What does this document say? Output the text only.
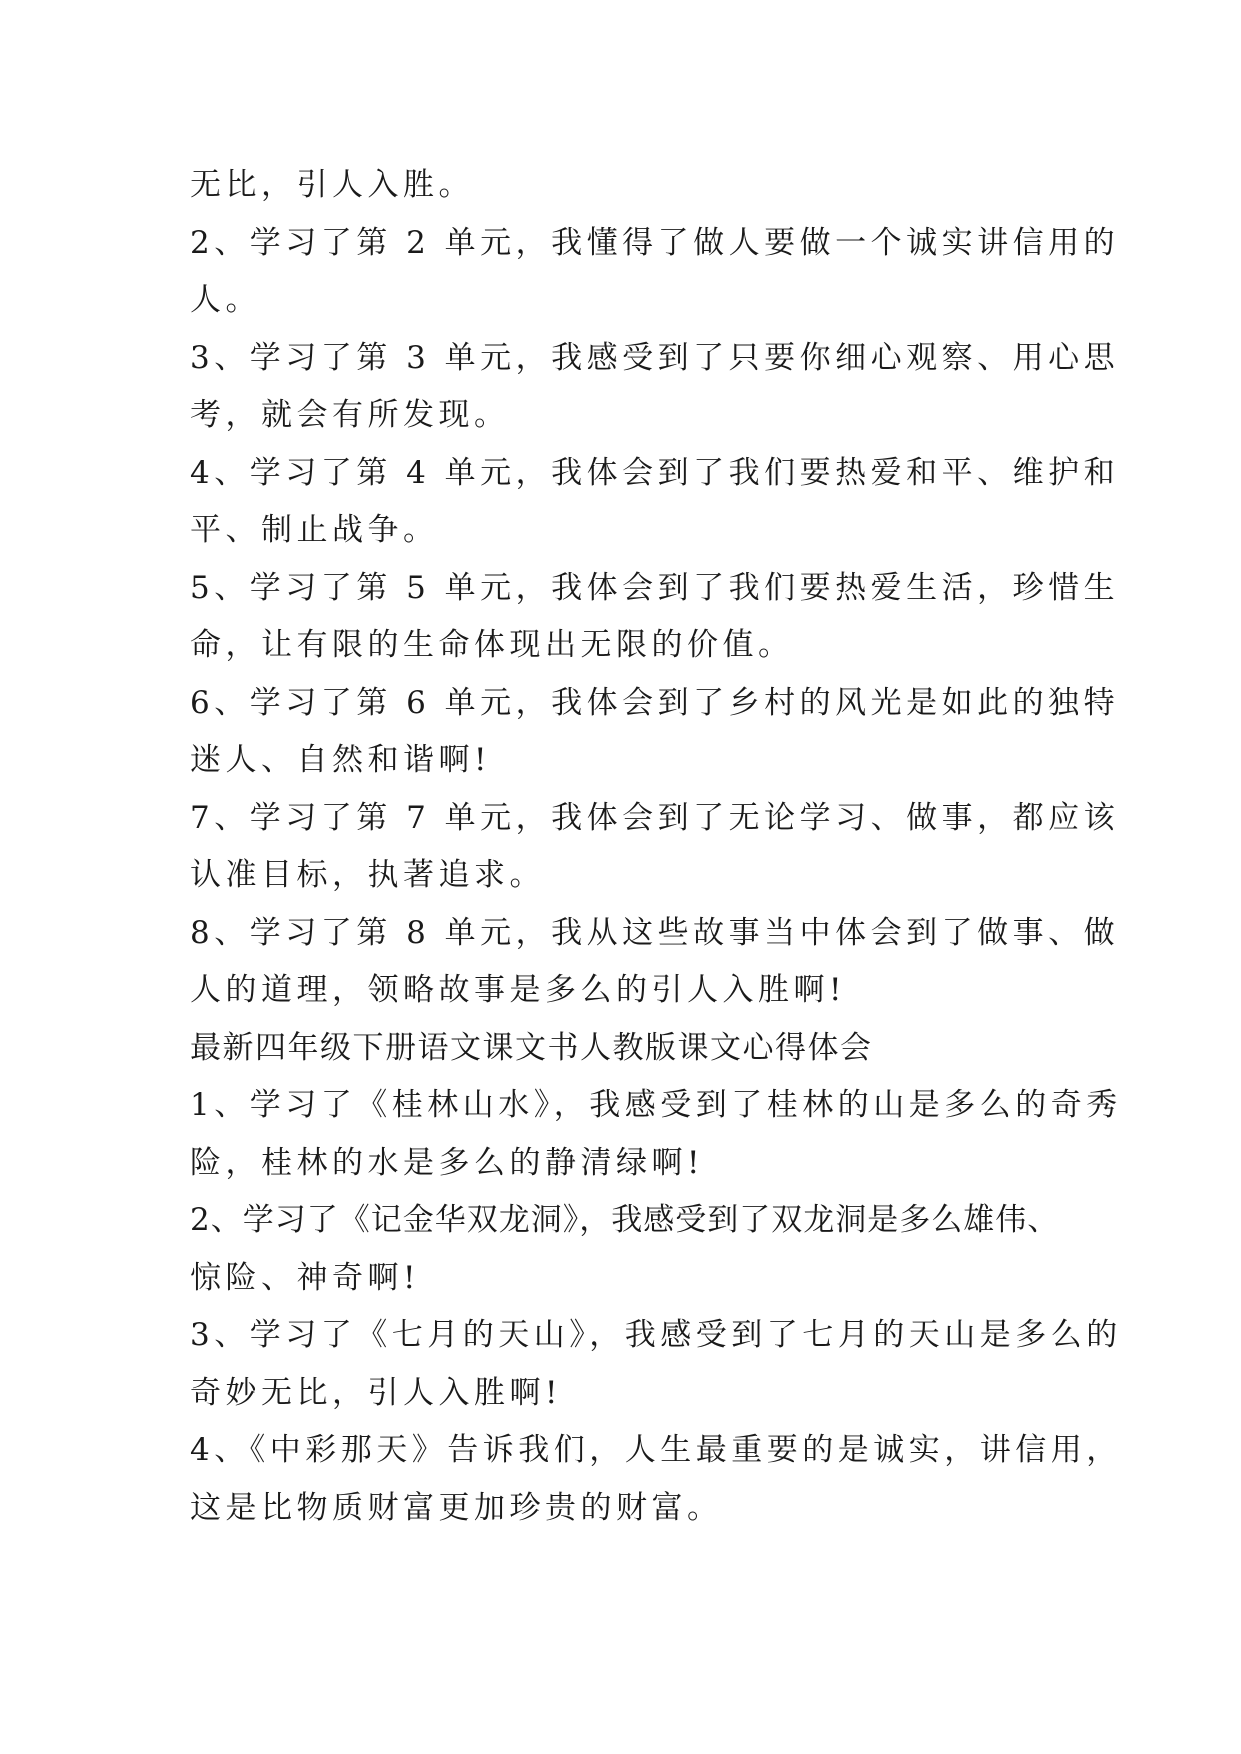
无比，引人入胜。
2、学习了第 2 单元，我懂得了做人要做一个诚实讲信用的
人。
3、学习了第 3 单元，我感受到了只要你细心观察、用心思
考，就会有所发现。
4、学习了第 4 单元，我体会到了我们要热爱和平、维护和
平、制止战争。
5、学习了第 5 单元，我体会到了我们要热爱生活，珍惜生
命，让有限的生命体现出无限的价值。
6、学习了第 6 单元，我体会到了乡村的风光是如此的独特
迷人、自然和谐啊!
7、学习了第 7 单元，我体会到了无论学习、做事，都应该
认准目标，执著追求。
8、学习了第 8 单元，我从这些故事当中体会到了做事、做
人的道理，领略故事是多么的引人入胜啊!
最新四年级下册语文课文书人教版课文心得体会
1、学习了《桂林山水》，我感受到了桂林的山是多么的奇秀
险，桂林的水是多么的静清绿啊!
2、学习了《记金华双龙洞》，我感受到了双龙洞是多么雄伟、
惊险、神奇啊!
3、学习了《七月的天山》，我感受到了七月的天山是多么的
奇妙无比，引人入胜啊!
4、《中彩那天》告诉我们，人生最重要的是诚实，讲信用，
这是比物质财富更加珍贵的财富。
